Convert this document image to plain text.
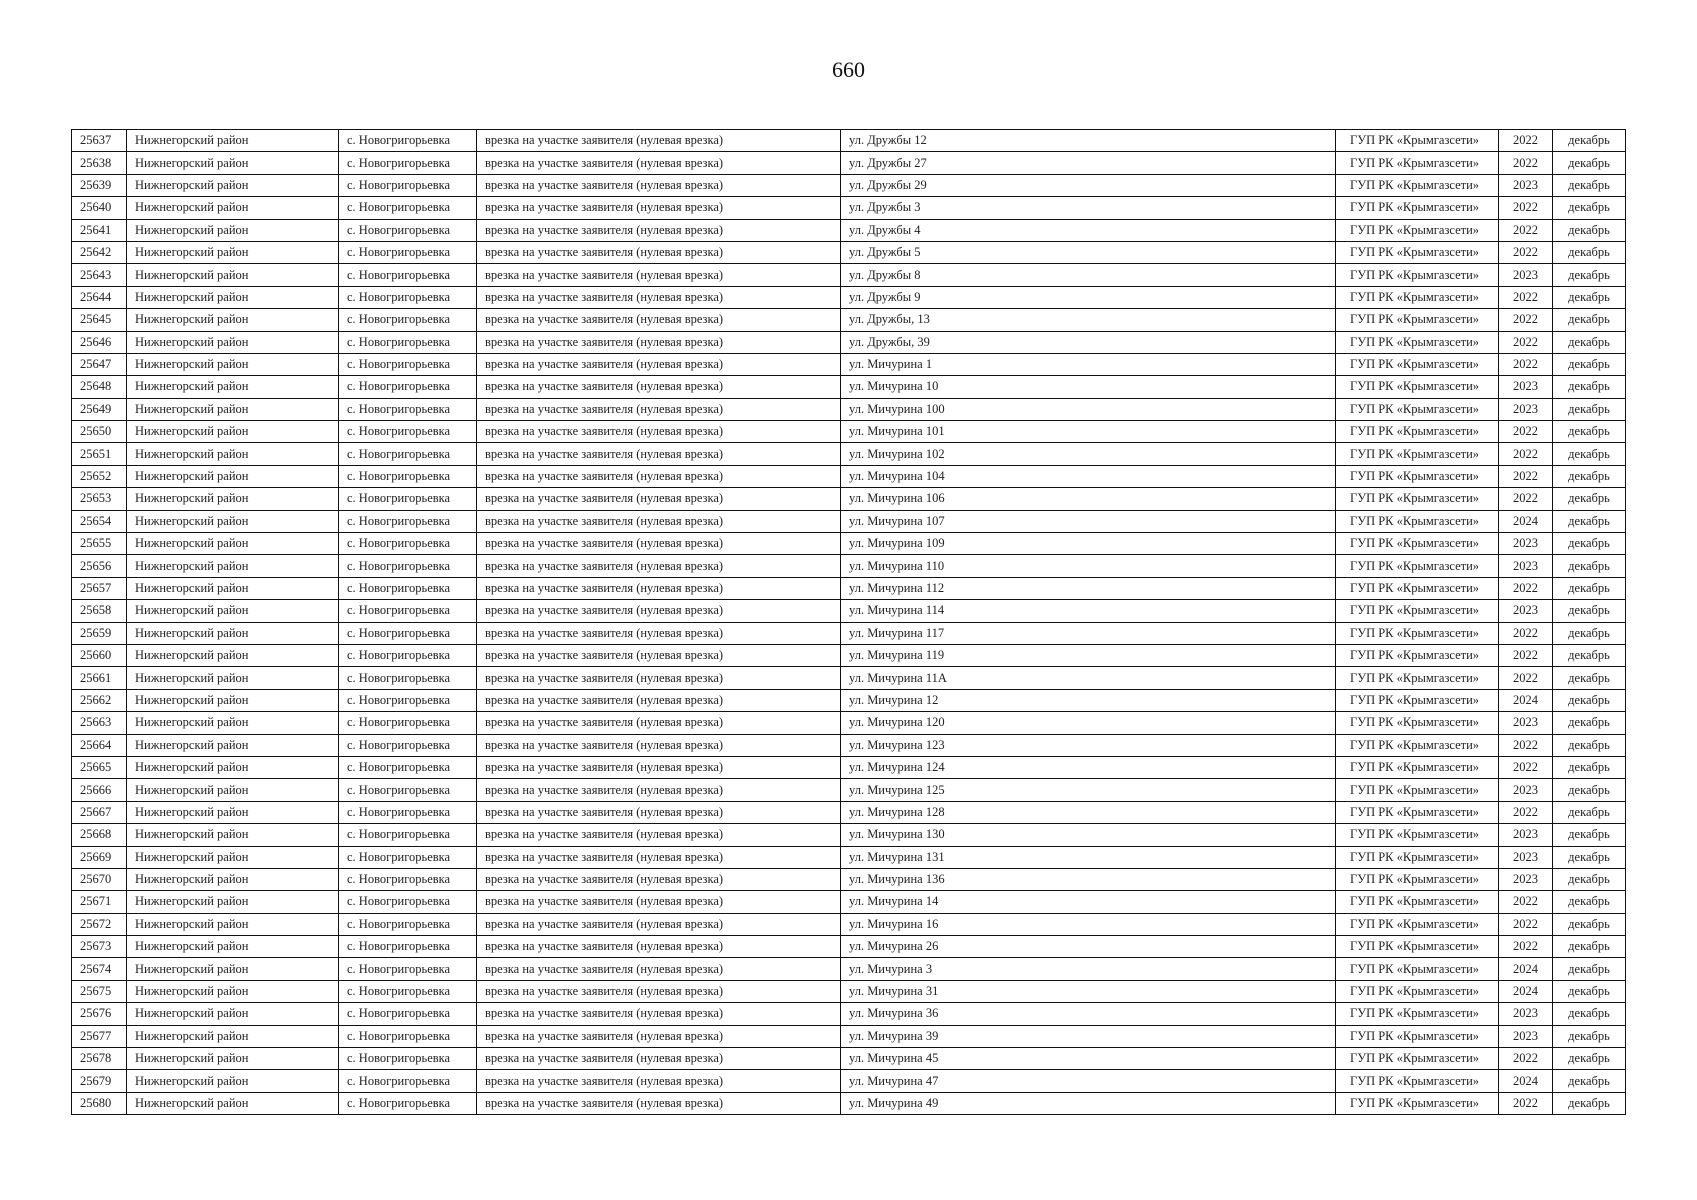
660
25637	Нижнегорский район	с. Новогригорьевка	врезка на участке заявителя (нулевая врезка)	ул. Дружбы 12	ГУП РК «Крымгазсети»	2022	декабрь
25638	Нижнегорский район	с. Новогригорьевка	врезка на участке заявителя (нулевая врезка)	ул. Дружбы 27	ГУП РК «Крымгазсети»	2022	декабрь
25639	Нижнегорский район	с. Новогригорьевка	врезка на участке заявителя (нулевая врезка)	ул. Дружбы 29	ГУП РК «Крымгазсети»	2023	декабрь
25640	Нижнегорский район	с. Новогригорьевка	врезка на участке заявителя (нулевая врезка)	ул. Дружбы 3	ГУП РК «Крымгазсети»	2022	декабрь
25641	Нижнегорский район	с. Новогригорьевка	врезка на участке заявителя (нулевая врезка)	ул. Дружбы 4	ГУП РК «Крымгазсети»	2022	декабрь
25642	Нижнегорский район	с. Новогригорьевка	врезка на участке заявителя (нулевая врезка)	ул. Дружбы 5	ГУП РК «Крымгазсети»	2022	декабрь
25643	Нижнегорский район	с. Новогригорьевка	врезка на участке заявителя (нулевая врезка)	ул. Дружбы 8	ГУП РК «Крымгазсети»	2023	декабрь
25644	Нижнегорский район	с. Новогригорьевка	врезка на участке заявителя (нулевая врезка)	ул. Дружбы 9	ГУП РК «Крымгазсети»	2022	декабрь
25645	Нижнегорский район	с. Новогригорьевка	врезка на участке заявителя (нулевая врезка)	ул. Дружбы, 13	ГУП РК «Крымгазсети»	2022	декабрь
25646	Нижнегорский район	с. Новогригорьевка	врезка на участке заявителя (нулевая врезка)	ул. Дружбы, 39	ГУП РК «Крымгазсети»	2022	декабрь
25647	Нижнегорский район	с. Новогригорьевка	врезка на участке заявителя (нулевая врезка)	ул. Мичурина 1	ГУП РК «Крымгазсети»	2022	декабрь
25648	Нижнегорский район	с. Новогригорьевка	врезка на участке заявителя (нулевая врезка)	ул. Мичурина 10	ГУП РК «Крымгазсети»	2023	декабрь
25649	Нижнегорский район	с. Новогригорьевка	врезка на участке заявителя (нулевая врезка)	ул. Мичурина 100	ГУП РК «Крымгазсети»	2023	декабрь
25650	Нижнегорский район	с. Новогригорьевка	врезка на участке заявителя (нулевая врезка)	ул. Мичурина 101	ГУП РК «Крымгазсети»	2022	декабрь
25651	Нижнегорский район	с. Новогригорьевка	врезка на участке заявителя (нулевая врезка)	ул. Мичурина 102	ГУП РК «Крымгазсети»	2022	декабрь
25652	Нижнегорский район	с. Новогригорьевка	врезка на участке заявителя (нулевая врезка)	ул. Мичурина 104	ГУП РК «Крымгазсети»	2022	декабрь
25653	Нижнегорский район	с. Новогригорьевка	врезка на участке заявителя (нулевая врезка)	ул. Мичурина 106	ГУП РК «Крымгазсети»	2022	декабрь
25654	Нижнегорский район	с. Новогригорьевка	врезка на участке заявителя (нулевая врезка)	ул. Мичурина 107	ГУП РК «Крымгазсети»	2024	декабрь
25655	Нижнегорский район	с. Новогригорьевка	врезка на участке заявителя (нулевая врезка)	ул. Мичурина 109	ГУП РК «Крымгазсети»	2023	декабрь
25656	Нижнегорский район	с. Новогригорьевка	врезка на участке заявителя (нулевая врезка)	ул. Мичурина 110	ГУП РК «Крымгазсети»	2023	декабрь
25657	Нижнегорский район	с. Новогригорьевка	врезка на участке заявителя (нулевая врезка)	ул. Мичурина 112	ГУП РК «Крымгазсети»	2022	декабрь
25658	Нижнегорский район	с. Новогригорьевка	врезка на участке заявителя (нулевая врезка)	ул. Мичурина 114	ГУП РК «Крымгазсети»	2023	декабрь
25659	Нижнегорский район	с. Новогригорьевка	врезка на участке заявителя (нулевая врезка)	ул. Мичурина 117	ГУП РК «Крымгазсети»	2022	декабрь
25660	Нижнегорский район	с. Новогригорьевка	врезка на участке заявителя (нулевая врезка)	ул. Мичурина 119	ГУП РК «Крымгазсети»	2022	декабрь
25661	Нижнегорский район	с. Новогригорьевка	врезка на участке заявителя (нулевая врезка)	ул. Мичурина 11А	ГУП РК «Крымгазсети»	2022	декабрь
25662	Нижнегорский район	с. Новогригорьевка	врезка на участке заявителя (нулевая врезка)	ул. Мичурина 12	ГУП РК «Крымгазсети»	2024	декабрь
25663	Нижнегорский район	с. Новогригорьевка	врезка на участке заявителя (нулевая врезка)	ул. Мичурина 120	ГУП РК «Крымгазсети»	2023	декабрь
25664	Нижнегорский район	с. Новогригорьевка	врезка на участке заявителя (нулевая врезка)	ул. Мичурина 123	ГУП РК «Крымгазсети»	2022	декабрь
25665	Нижнегорский район	с. Новогригорьевка	врезка на участке заявителя (нулевая врезка)	ул. Мичурина 124	ГУП РК «Крымгазсети»	2022	декабрь
25666	Нижнегорский район	с. Новогригорьевка	врезка на участке заявителя (нулевая врезка)	ул. Мичурина 125	ГУП РК «Крымгазсети»	2023	декабрь
25667	Нижнегорский район	с. Новогригорьевка	врезка на участке заявителя (нулевая врезка)	ул. Мичурина 128	ГУП РК «Крымгазсети»	2022	декабрь
25668	Нижнегорский район	с. Новогригорьевка	врезка на участке заявителя (нулевая врезка)	ул. Мичурина 130	ГУП РК «Крымгазсети»	2023	декабрь
25669	Нижнегорский район	с. Новогригорьевка	врезка на участке заявителя (нулевая врезка)	ул. Мичурина 131	ГУП РК «Крымгазсети»	2023	декабрь
25670	Нижнегорский район	с. Новогригорьевка	врезка на участке заявителя (нулевая врезка)	ул. Мичурина 136	ГУП РК «Крымгазсети»	2023	декабрь
25671	Нижнегорский район	с. Новогригорьевка	врезка на участке заявителя (нулевая врезка)	ул. Мичурина 14	ГУП РК «Крымгазсети»	2022	декабрь
25672	Нижнегорский район	с. Новогригорьевка	врезка на участке заявителя (нулевая врезка)	ул. Мичурина 16	ГУП РК «Крымгазсети»	2022	декабрь
25673	Нижнегорский район	с. Новогригорьевка	врезка на участке заявителя (нулевая врезка)	ул. Мичурина 26	ГУП РК «Крымгазсети»	2022	декабрь
25674	Нижнегорский район	с. Новогригорьевка	врезка на участке заявителя (нулевая врезка)	ул. Мичурина 3	ГУП РК «Крымгазсети»	2024	декабрь
25675	Нижнегорский район	с. Новогригорьевка	врезка на участке заявителя (нулевая врезка)	ул. Мичурина 31	ГУП РК «Крымгазсети»	2024	декабрь
25676	Нижнегорский район	с. Новогригорьевка	врезка на участке заявителя (нулевая врезка)	ул. Мичурина 36	ГУП РК «Крымгазсети»	2023	декабрь
25677	Нижнегорский район	с. Новогригорьевка	врезка на участке заявителя (нулевая врезка)	ул. Мичурина 39	ГУП РК «Крымгазсети»	2023	декабрь
25678	Нижнегорский район	с. Новогригорьевка	врезка на участке заявителя (нулевая врезка)	ул. Мичурина 45	ГУП РК «Крымгазсети»	2022	декабрь
25679	Нижнегорский район	с. Новогригорьевка	врезка на участке заявителя (нулевая врезка)	ул. Мичурина 47	ГУП РК «Крымгазсети»	2024	декабрь
25680	Нижнегорский район	с. Новогригорьевка	врезка на участке заявителя (нулевая врезка)	ул. Мичурина 49	ГУП РК «Крымгазсети»	2022	декабрь
